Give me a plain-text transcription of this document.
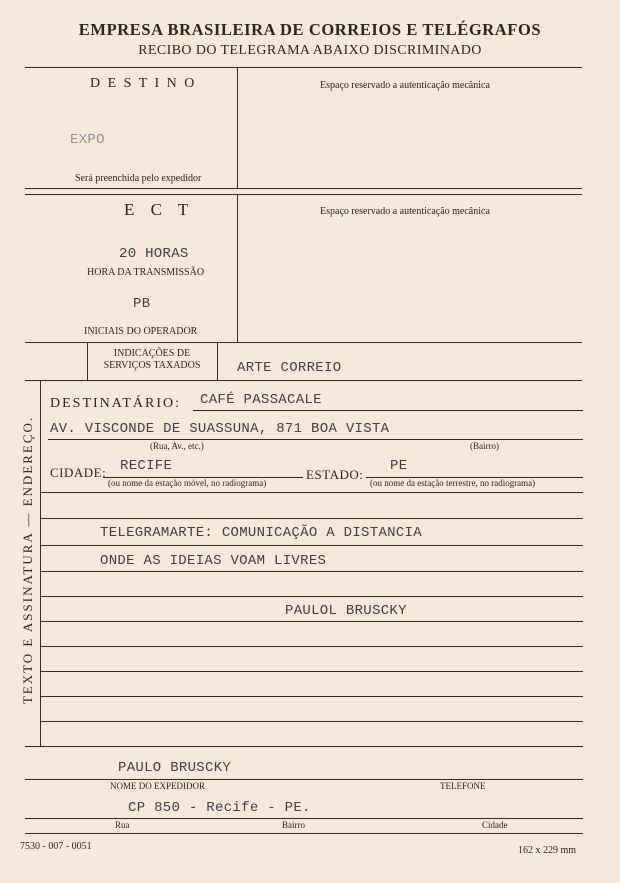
EMPRESA BRASILEIRA DE CORREIOS E TELÉGRAFOS
RECIBO DO TELEGRAMA ABAIXO DISCRIMINADO
D E S T I N O	Espaço reservado a autenticação mecânica
EXPO
Será preenchida pelo expedidor
E C T	Espaço reservado a autenticação mecânica
20 HORAS
HORA DA TRANSMISSÃO
PB
INICIAIS DO OPERADOR
INDICAÇÕES DE
SERVIÇOS TAXADOS	ARTE CORREIO
TEXTO E ASSINATURA — ENDEREÇO.
DESTINATÁRIO: CAFÉ PASSACALE
AV. VISCONDE DE SUASSUNA, 871 BOA VISTA
(Rua, Av., etc.)	(Bairro)
CIDADE: RECIFE
(ou nome da estação móvel, no radiograma)
ESTADO:
PE
(ou nome da estação terrestre, no radiograma)
TELEGRAMARTE: COMUNICAÇÃO A DISTANCIA
ONDE AS IDEIAS VOAM LIVRES
PAULOL BRUSCKY
PAULO BRUSCKY
NOME DO EXPEDIDOR	TELEFONE
CP 850 - Recife - PE.
Rua	Bairro	Cidade
7530 - 007 - 0051	162 x 229 mm
